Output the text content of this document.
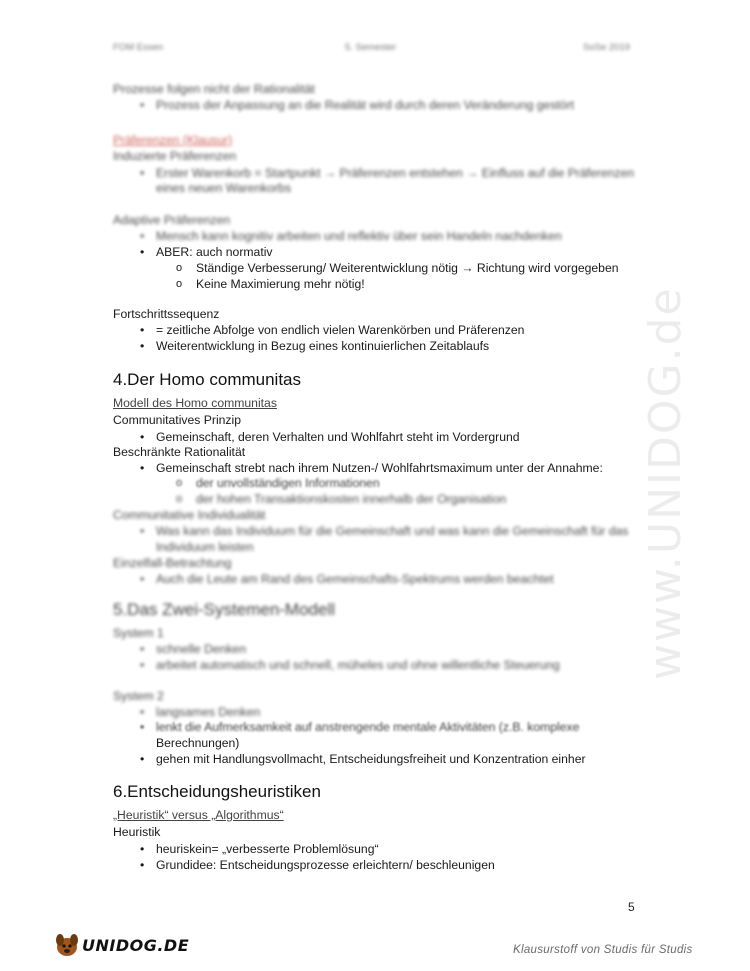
FOM Essen	5. Semester	SoSe 2019
www.UNIDOG.de
Prozesse folgen nicht der Rationalität
• Prozess der Anpassung an die Realität wird durch deren Veränderung gestört
Präferenzen (Klausur)
Induzierte Präferenzen
• Erster Warenkorb = Startpunkt → Präferenzen entstehen → Einfluss auf die Präferenzen
eines neuen Warenkorbs
Adaptive Präferenzen
• Mensch kann kognitiv arbeiten und reflektiv über sein Handeln nachdenken
• ABER: auch normativ
o Ständige Verbesserung/ Weiterentwicklung nötig → Richtung wird vorgegeben
o Keine Maximierung mehr nötig!
Fortschrittssequenz
• = zeitliche Abfolge von endlich vielen Warenkörben und Präferenzen
• Weiterentwicklung in Bezug eines kontinuierlichen Zeitablaufs
4.Der Homo communitas
Modell des Homo communitas
Communitatives Prinzip
• Gemeinschaft, deren Verhalten und Wohlfahrt steht im Vordergrund
Beschränkte Rationalität
• Gemeinschaft strebt nach ihrem Nutzen-/ Wohlfahrtsmaximum unter der Annahme:
o der unvollständigen Informationen
o der hohen Transaktionskosten innerhalb der Organisation
Communitative Individualität
• Was kann das Individuum für die Gemeinschaft und was kann die Gemeinschaft für das
Individuum leisten
Einzelfall-Betrachtung
• Auch die Leute am Rand des Gemeinschafts-Spektrums werden beachtet
5.Das Zwei-Systemen-Modell
System 1
• schnelle Denken
• arbeitet automatisch und schnell, müheles und ohne willentliche Steuerung
System 2
• langsames Denken
• lenkt die Aufmerksamkeit auf anstrengende mentale Aktivitäten (z.B. komplexe
Berechnungen)
• gehen mit Handlungsvollmacht, Entscheidungsfreiheit und Konzentration einher
6.Entscheidungsheuristiken
„Heuristik“ versus „Algorithmus“
Heuristik
• heuriskein= „verbesserte Problemlösung“
• Grundidee: Entscheidungsprozesse erleichtern/ beschleunigen
5
UNIDOG.DE	Klausurstoff von Studis für Studis
